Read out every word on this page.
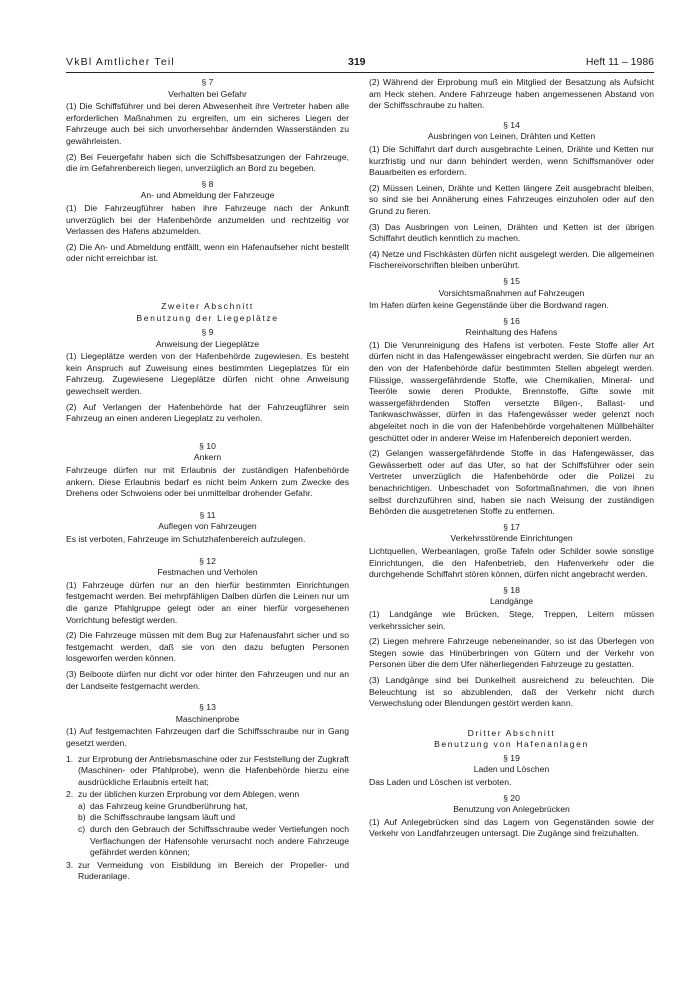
VkBl Amtlicher Teil	319	Heft 11 – 1986
§ 7
Verhalten bei Gefahr

(1) Die Schiffsführer und bei deren Abwesenheit ihre Vertreter haben alle erforderlichen Maßnahmen zu ergreifen, um ein sicheres Liegen der Fahrzeuge auch bei sich unvorhersehbar ändernden Wasserständen zu gewährleisten.

(2) Bei Feuergefahr haben sich die Schiffsbesatzungen der Fahrzeuge, die im Gefahrenbereich liegen, unverzüglich an Bord zu begeben.

§ 8
An- und Abmeldung der Fahrzeuge

(1) Die Fahrzeugführer haben ihre Fahrzeuge nach der Ankunft unverzüglich bei der Hafenbehörde anzumelden und rechtzeitig vor Verlassen des Hafens abzumelden.

(2) Die An- und Abmeldung entfällt, wenn ein Hafenaufseher nicht bestellt oder nicht erreichbar ist.

Zweiter Abschnitt
Benutzung der Liegeplätze
§ 9
Anweisung der Liegeplätze

(1) Liegeplätze werden von der Hafenbehörde zugewiesen. Es besteht kein Anspruch auf Zuweisung eines bestimmten Liegeplatzes für ein Fahrzeug. Zugewiesene Liegeplätze dürfen nicht ohne Anweisung gewechselt werden.

(2) Auf Verlangen der Hafenbehörde hat der Fahrzeugführer sein Fahrzeug an einen anderen Liegeplatz zu verholen.

§ 10
Ankern

Fahrzeuge dürfen nur mit Erlaubnis der zuständigen Hafenbehörde ankern. Diese Erlaubnis bedarf es nicht beim Ankern zum Zwecke des Drehens oder Schwoiens oder bei unmittelbar drohender Gefahr.

§ 11
Auflegen von Fahrzeugen

Es ist verboten, Fahrzeuge im Schutzhafenbereich aufzulegen.

§ 12
Festmachen und Verholen

(1) Fahrzeuge dürfen nur an den hierfür bestimmten Einrichtungen festgemacht werden. Bei mehrpfähligen Dalben dürfen die Leinen nur um die ganze Pfahlgruppe gelegt oder an einer hierfür vorgesehenen Vorrichtung befestigt werden.

(2) Die Fahrzeuge müssen mit dem Bug zur Hafenausfahrt sicher und so festgemacht werden, daß sie von den dazu befugten Personen losgeworfen werden können.

(3) Beiboote dürfen nur dicht vor oder hinter den Fahrzeugen und nur an der Landseite festgemacht werden.

§ 13
Maschinenprobe

(1) Auf festgemachten Fahrzeugen darf die Schiffsschraube nur in Gang gesetzt werden.

1. zur Erprobung der Antriebsmaschine oder zur Feststellung der Zugkraft (Maschinen- oder Pfahlprobe), wenn die Hafenbehörde hierzu eine ausdrückliche Erlaubnis erteilt hat;
2. zu der üblichen kurzen Erprobung vor dem Ablegen, wenn
a) das Fahrzeug keine Grundberührung hat,
b) die Schiffsschraube langsam läuft und
c) durch den Gebrauch der Schiffsschraube weder Vertiefungen noch Verflachungen der Hafensohle verursacht noch andere Fahrzeuge gefährdet werden können;
3. zur Vermeidung von Eisbildung im Bereich der Propeller- und Ruderanlage.

(2) Während der Erprobung muß ein Mitglied der Besatzung als Aufsicht am Heck stehen. Andere Fahrzeuge haben angemessenen Abstand von der Schiffsschraube zu halten.

§ 14
Ausbringen von Leinen, Drähten und Ketten

(1) Die Schiffahrt darf durch ausgebrachte Leinen, Drähte und Ketten nur kurzfristig und nur dann behindert werden, wenn Schiffsmanöver oder Bauarbeiten es erfordern.

(2) Müssen Leinen, Drähte und Ketten längere Zeit ausgebracht bleiben, so sind sie bei Annäherung eines Fahrzeuges einzuholen oder auf den Grund zu fieren.

(3) Das Ausbringen von Leinen, Drähten und Ketten ist der übrigen Schiffahrt deutlich kenntlich zu machen.

(4) Netze und Fischkästen dürfen nicht ausgelegt werden. Die allgemeinen Fischereivorschriften bleiben unberührt.

§ 15
Vorsichtsmaßnahmen auf Fahrzeugen

Im Hafen dürfen keine Gegenstände über die Bordwand ragen.

§ 16
Reinhaltung des Hafens

(1) Die Verunreinigung des Hafens ist verboten. Feste Stoffe aller Art dürfen nicht in das Hafengewässer eingebracht werden. Sie dürfen nur an den von der Hafenbehörde dafür bestimmten Stellen abgelegt werden. Flüssige, wassergefährdende Stoffe, wie Chemikalien, Mineral- und Teeröle sowie deren Produkte, Brennstoffe, Gifte sowie mit wassergefährdenden Stoffen versetzte Bilgen-, Ballast- und Tankwaschwässer, dürfen in das Hafengewässer weder gelenzt noch abgeleitet noch in die von der Hafenbehörde vorgehaltenen Müllbehälter geschüttet oder in anderer Weise im Hafenbereich deponiert werden.

(2) Gelangen wassergefährdende Stoffe in das Hafengewässer, das Gewässerbett oder auf das Ufer, so hat der Schiffsführer oder sein Vertreter unverzüglich die Hafenbehörde oder die Polizei zu benachrichtigen. Unbeschadet von Sofortmaßnahmen, die von ihnen selbst durchzuführen sind, haben sie nach Weisung der zuständigen Behörden die ausgetretenen Stoffe zu entfernen.

§ 17
Verkehrsstörende Einrichtungen

Lichtquellen, Werbeanlagen, große Tafeln oder Schilder sowie sonstige Einrichtungen, die den Hafenbetrieb, den Hafenverkehr oder die durchgehende Schiffahrt stören können, dürfen nicht angebracht werden.

§ 18
Landgänge

(1) Landgänge wie Brücken, Stege, Treppen, Leitern müssen verkehrssicher sein.

(2) Liegen mehrere Fahrzeuge nebeneinander, so ist das Überlegen von Stegen sowie das Hinüberbringen von Gütern und der Verkehr von Personen über die dem Ufer näherliegenden Fahrzeuge zu gestatten.

(3) Landgänge sind bei Dunkelheit ausreichend zu beleuchten. Die Beleuchtung ist so abzublenden, daß der Verkehr nicht durch Verwechslung oder Blendungen gestört werden kann.

Dritter Abschnitt
Benutzung von Hafenanlagen
§ 19
Laden und Löschen

Das Laden und Löschen ist verboten.

§ 20
Benutzung von Anlegebrücken

(1) Auf Anlegebrücken sind das Lagern von Gegenständen sowie der Verkehr von Landfahrzeugen untersagt. Die Zugänge sind freizuhalten.
